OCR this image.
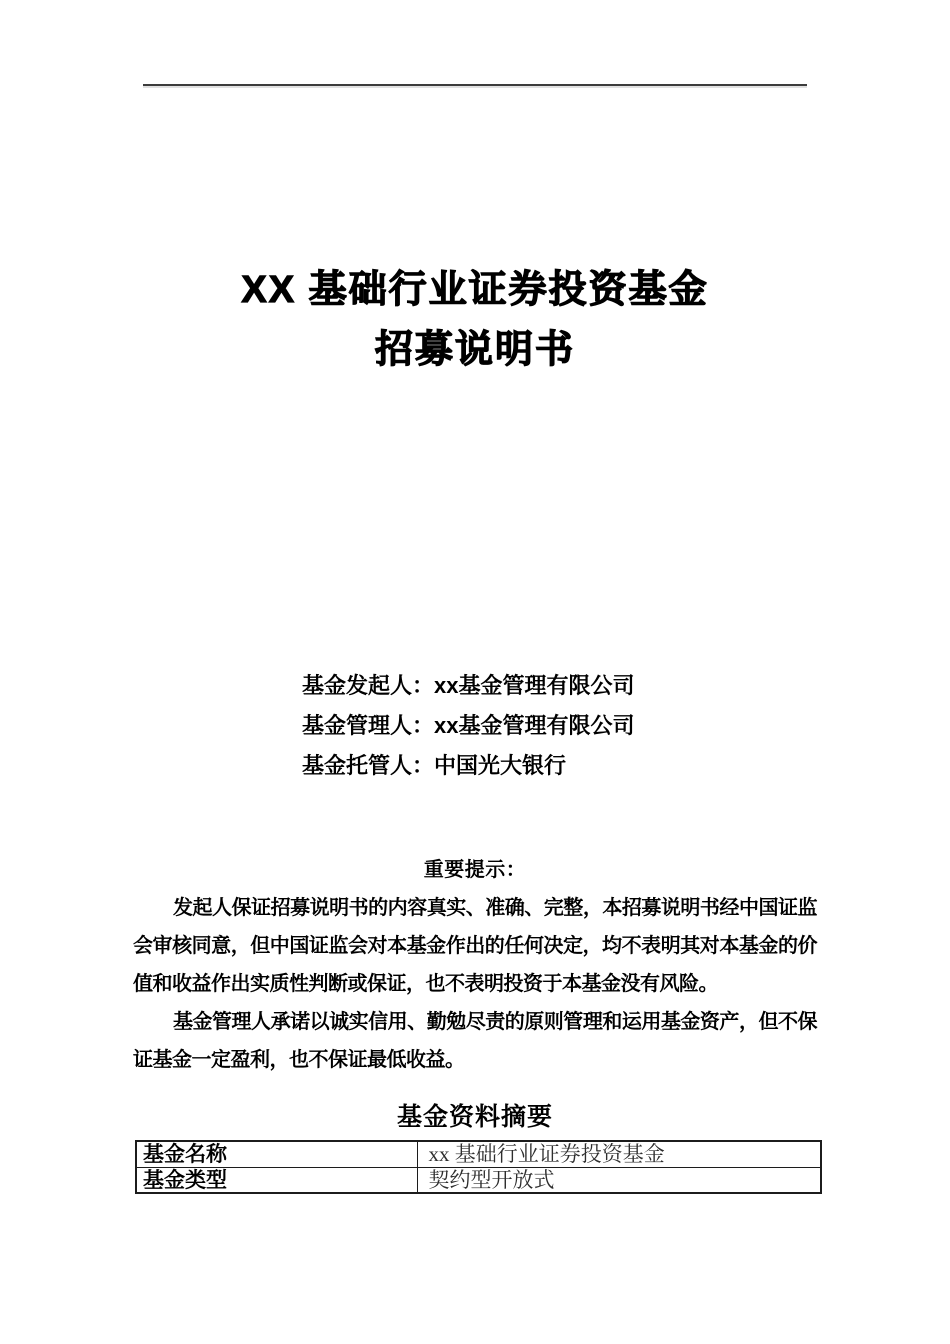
XX 基础行业证券投资基金
招募说明书
基金发起人：xx基金管理有限公司
基金管理人：xx基金管理有限公司
基金托管人：中国光大银行
重要提示：

发起人保证招募说明书的内容真实、准确、完整，本招募说明书经中国证监会审核同意，但中国证监会对本基金作出的任何决定，均不表明其对本基金的价值和收益作出实质性判断或保证，也不表明投资于本基金没有风险。

基金管理人承诺以诚实信用、勤勉尽责的原则管理和运用基金资产，但不保证基金一定盈利，也不保证最低收益。

基金资料摘要
基金名称	xx 基础行业证券投资基金
基金类型	契约型开放式
